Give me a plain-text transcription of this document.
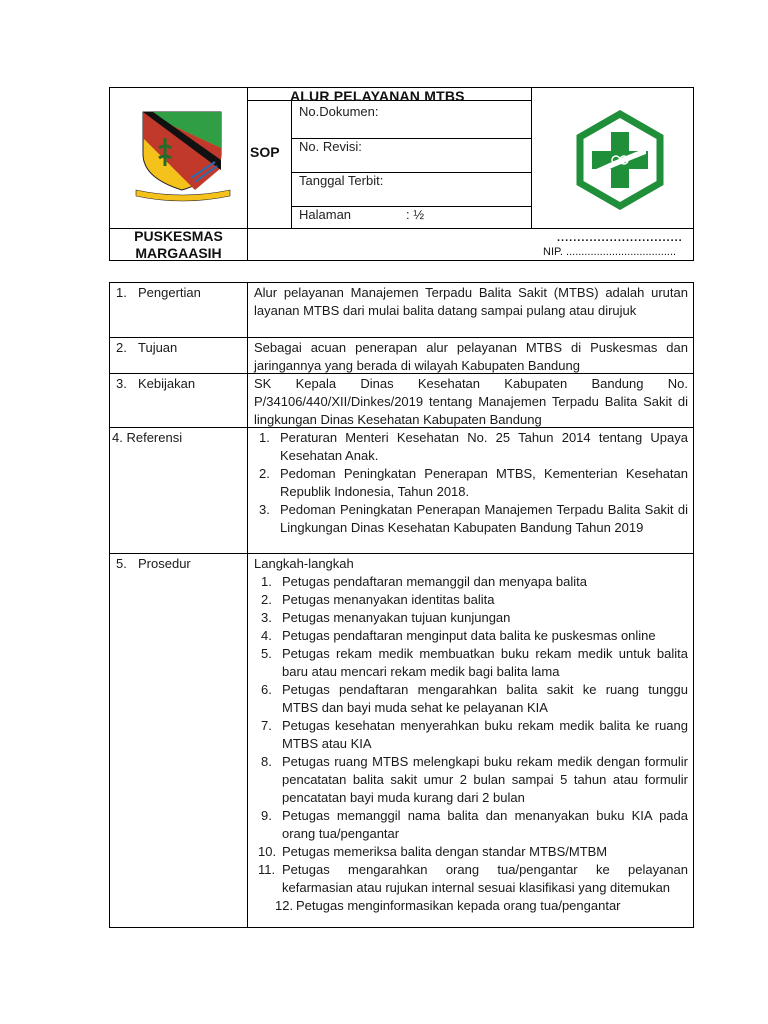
ALUR PELAYANAN MTBS
SOP
No.Dokumen:
No. Revisi:
Tanggal Terbit:
Halaman	: ½
PUSKESMAS
MARGAASIH
...............................
NIP. ....................................
1. Pengertian	Alur pelayanan Manajemen Terpadu Balita Sakit (MTBS) adalah urutan layanan MTBS dari mulai balita datang sampai pulang atau dirujuk

2. Tujuan	Sebagai acuan penerapan alur pelayanan MTBS di Puskesmas dan jaringannya yang berada di wilayah Kabupaten Bandung

3. Kebijakan	SK Kepala Dinas Kesehatan Kabupaten Bandung No. P/34106/440/XII/Dinkes/2019 tentang Manajemen Terpadu Balita Sakit di lingkungan Dinas Kesehatan Kabupaten Bandung

4. Referensi	1. Peraturan Menteri Kesehatan No. 25 Tahun 2014 tentang Upaya Kesehatan Anak.
2. Pedoman Peningkatan Penerapan MTBS, Kementerian Kesehatan Republik Indonesia, Tahun 2018.
3. Pedoman Peningkatan Penerapan Manajemen Terpadu Balita Sakit di Lingkungan Dinas Kesehatan Kabupaten Bandung Tahun 2019
5. Prosedur	Langkah-langkah

1. Petugas pendaftaran memanggil dan menyapa balita
2. Petugas menanyakan identitas balita
3. Petugas menanyakan tujuan kunjungan
4. Petugas pendaftaran menginput data balita ke puskesmas online
5. Petugas rekam medik membuatkan buku rekam medik untuk balita baru atau mencari rekam medik bagi balita lama
6. Petugas pendaftaran mengarahkan balita sakit ke ruang tunggu MTBS dan bayi muda sehat ke pelayanan KIA
7. Petugas kesehatan menyerahkan buku rekam medik balita ke ruang MTBS atau KIA
8. Petugas ruang MTBS melengkapi buku rekam medik dengan formulir pencatatan balita sakit umur 2 bulan sampai 5 tahun atau formulir pencatatan bayi muda kurang dari 2 bulan
9. Petugas memanggil nama balita dan menanyakan buku KIA pada orang tua/pengantar
10. Petugas memeriksa balita dengan standar MTBS/MTBM
11. Petugas mengarahkan orang tua/pengantar ke pelayanan kefarmasian atau rujukan internal sesuai klasifikasi yang ditemukan
12. Petugas menginformasikan kepada orang tua/pengantar
